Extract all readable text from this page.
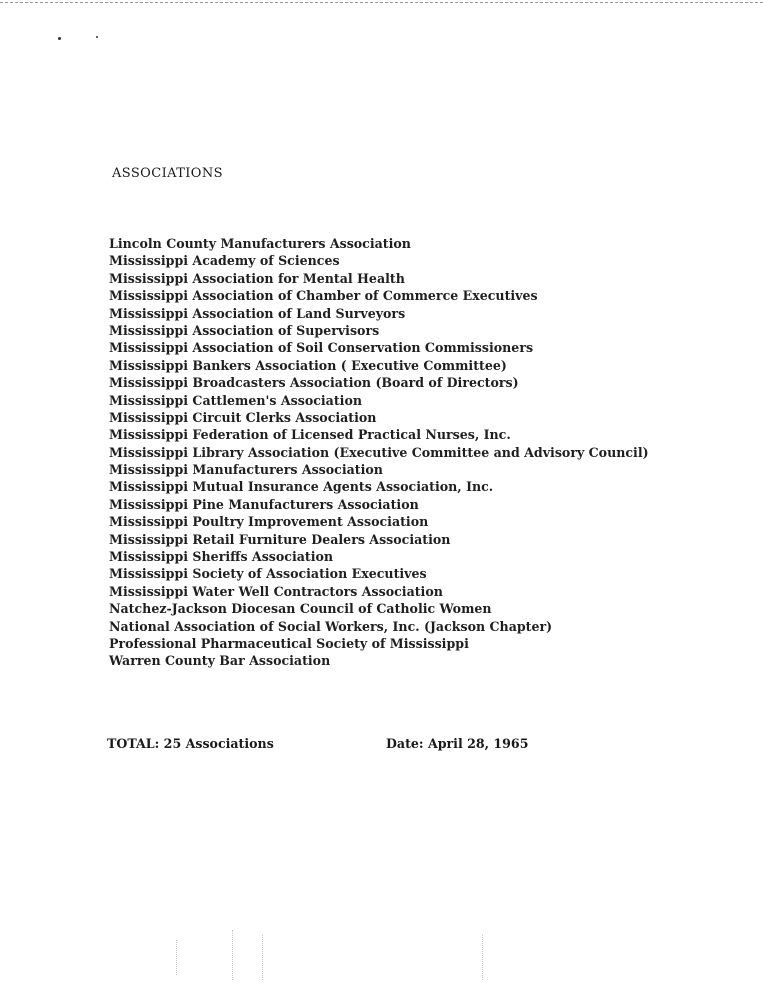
ASSOCIATIONS
Lincoln County Manufacturers Association
Mississippi Academy of Sciences
Mississippi Association for Mental Health
Mississippi Association of Chamber of Commerce Executives
Mississippi Association of Land Surveyors
Mississippi Association of Supervisors
Mississippi Association of Soil Conservation Commissioners
Mississippi Bankers Association ( Executive Committee)
Mississippi Broadcasters Association (Board of Directors)
Mississippi Cattlemen's Association
Mississippi Circuit Clerks Association
Mississippi Federation of Licensed Practical Nurses, Inc.
Mississippi Library Association (Executive Committee and Advisory Council)
Mississippi Manufacturers Association
Mississippi Mutual Insurance Agents Association, Inc.
Mississippi Pine Manufacturers Association
Mississippi Poultry Improvement Association
Mississippi Retail Furniture Dealers Association
Mississippi Sheriffs Association
Mississippi Society of Association Executives
Mississippi Water Well Contractors Association
Natchez-Jackson Diocesan Council of Catholic Women
National Association of Social Workers, Inc. (Jackson Chapter)
Professional Pharmaceutical Society of Mississippi
Warren County Bar Association
TOTAL: 25 Associations	Date: April 28, 1965
